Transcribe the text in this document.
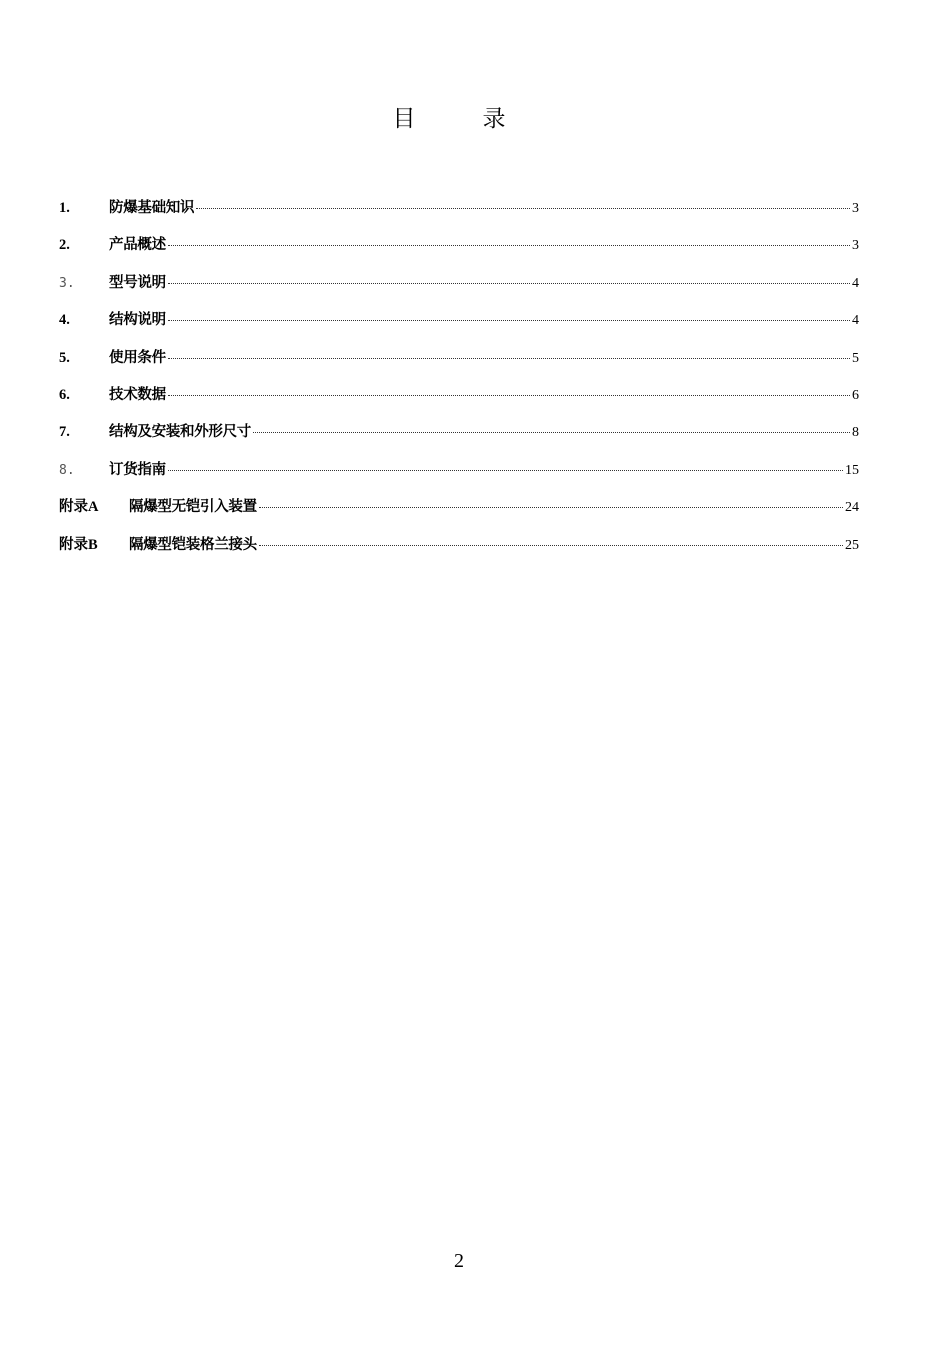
目　录
1.	防爆基础知识	3
2.	产品概述	3
3.	型号说明	4
4.	结构说明	4
5.	使用条件	5
6.	技术数据	6
7.	结构及安装和外形尺寸	8
8.	订货指南	15
附录A	隔爆型无铠引入装置	24
附录B	隔爆型铠装格兰接头	25
2
